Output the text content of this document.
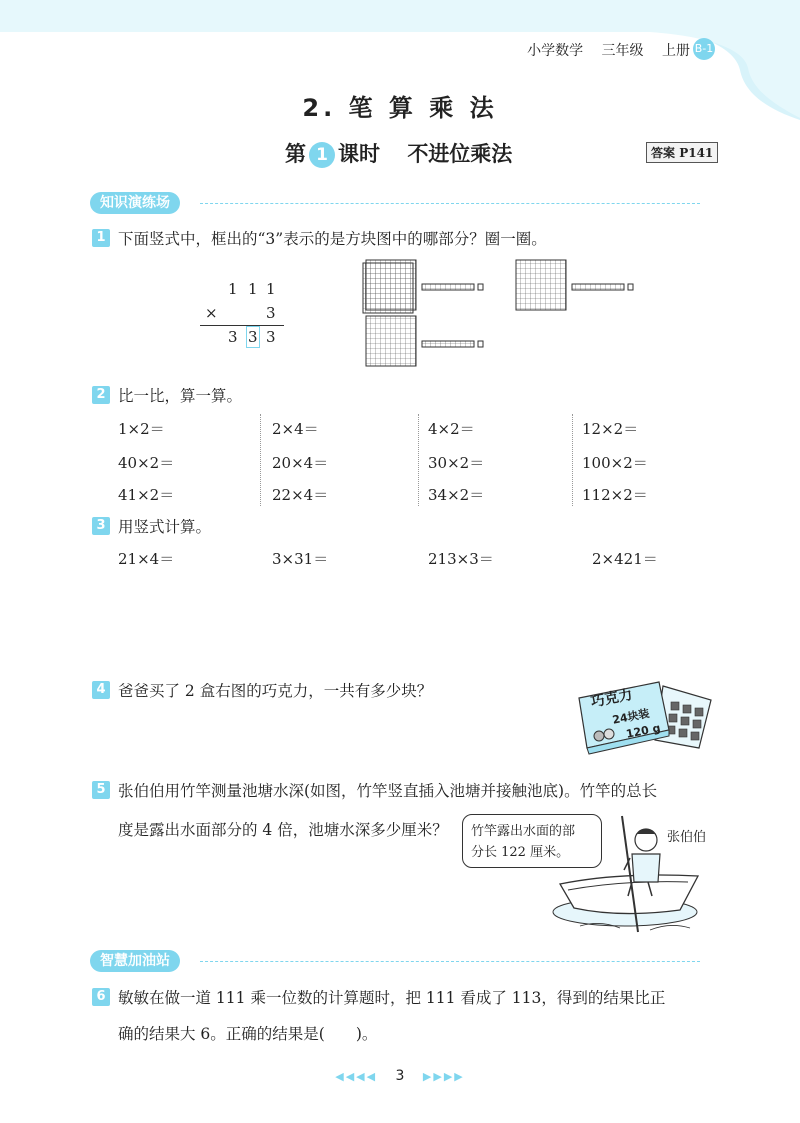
小学数学 三年级 上册 B-1
2. 笔 算 乘 法
第 1 课时 不进位乘法	答案 P141
知识演练场
1 下面竖式中，框出的“3”表示的是方块图中的哪部分？圈一圈。
1 1 1
×	3
3 3 3
2 比一比，算一算。
1×2＝	2×4＝	4×2＝	12×2＝
40×2＝	20×4＝	30×2＝	100×2＝
41×2＝	22×4＝	34×2＝	112×2＝
3 用竖式计算。
21×4＝	3×31＝	213×3＝	2×421＝
4 爸爸买了 2 盒右图的巧克力，一共有多少块？	巧克力
24块装
120 g
5 张伯伯用竹竿测量池塘水深(如图，竹竿竖直插入池塘并接触池底)。竹竿的总长
度是露出水面部分的 4 倍，池塘水深多少厘米？ 竹竿露出水面的部
分长 122 厘米。
张伯伯
智慧加油站
6 敏敏在做一道 111 乘一位数的计算题时，把 111 看成了 113，得到的结果比正
确的结果大 6。正确的结果是(　　)。
◀◀◀◀ 3 ▶▶▶▶
